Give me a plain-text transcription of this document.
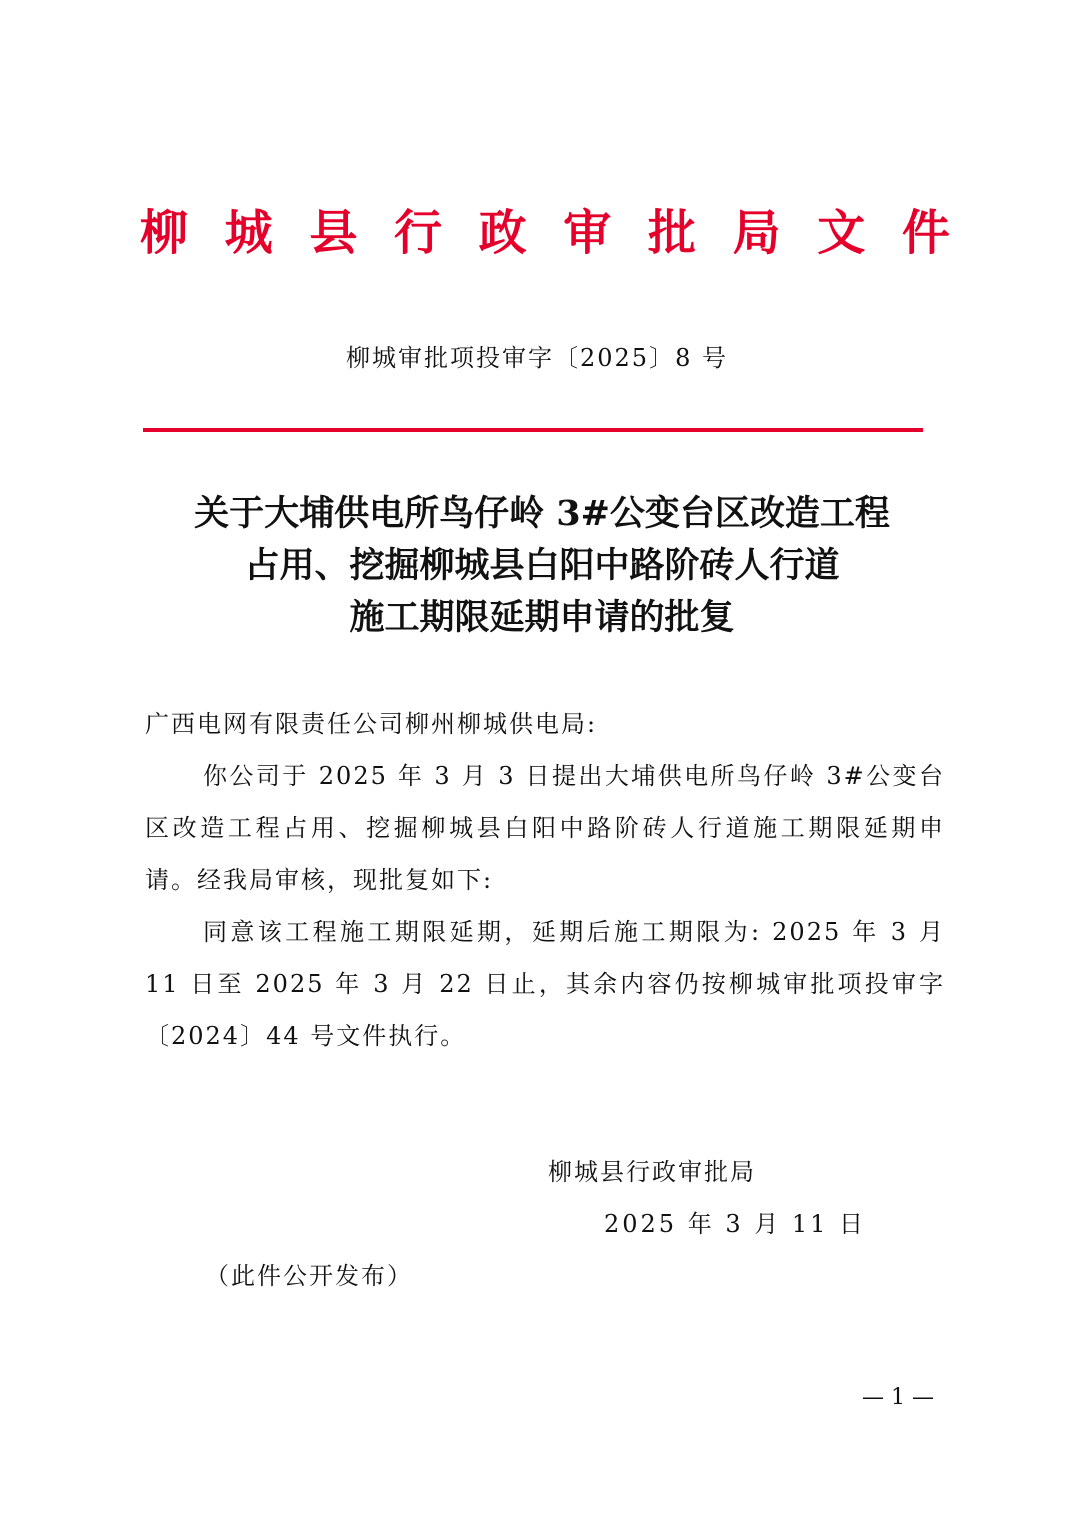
柳 城 县 行 政 审 批 局 文 件
柳城审批项投审字〔2025〕8 号
关于大埔供电所鸟仔岭 3#公变台区改造工程
占用、挖掘柳城县白阳中路阶砖人行道
施工期限延期申请的批复

广西电网有限责任公司柳州柳城供电局:

你公司于 2025 年 3 月 3 日提出大埔供电所鸟仔岭 3#公变台区改造工程占用、挖掘柳城县白阳中路阶砖人行道施工期限延期申请。经我局审核，现批复如下:

同意该工程施工期限延期，延期后施工期限为: 2025 年 3 月 11 日至 2025 年 3 月 22 日止，其余内容仍按柳城审批项投审字〔2024〕44 号文件执行。

柳城县行政审批局
2025 年 3 月 11 日
（此件公开发布）
— 1 —
